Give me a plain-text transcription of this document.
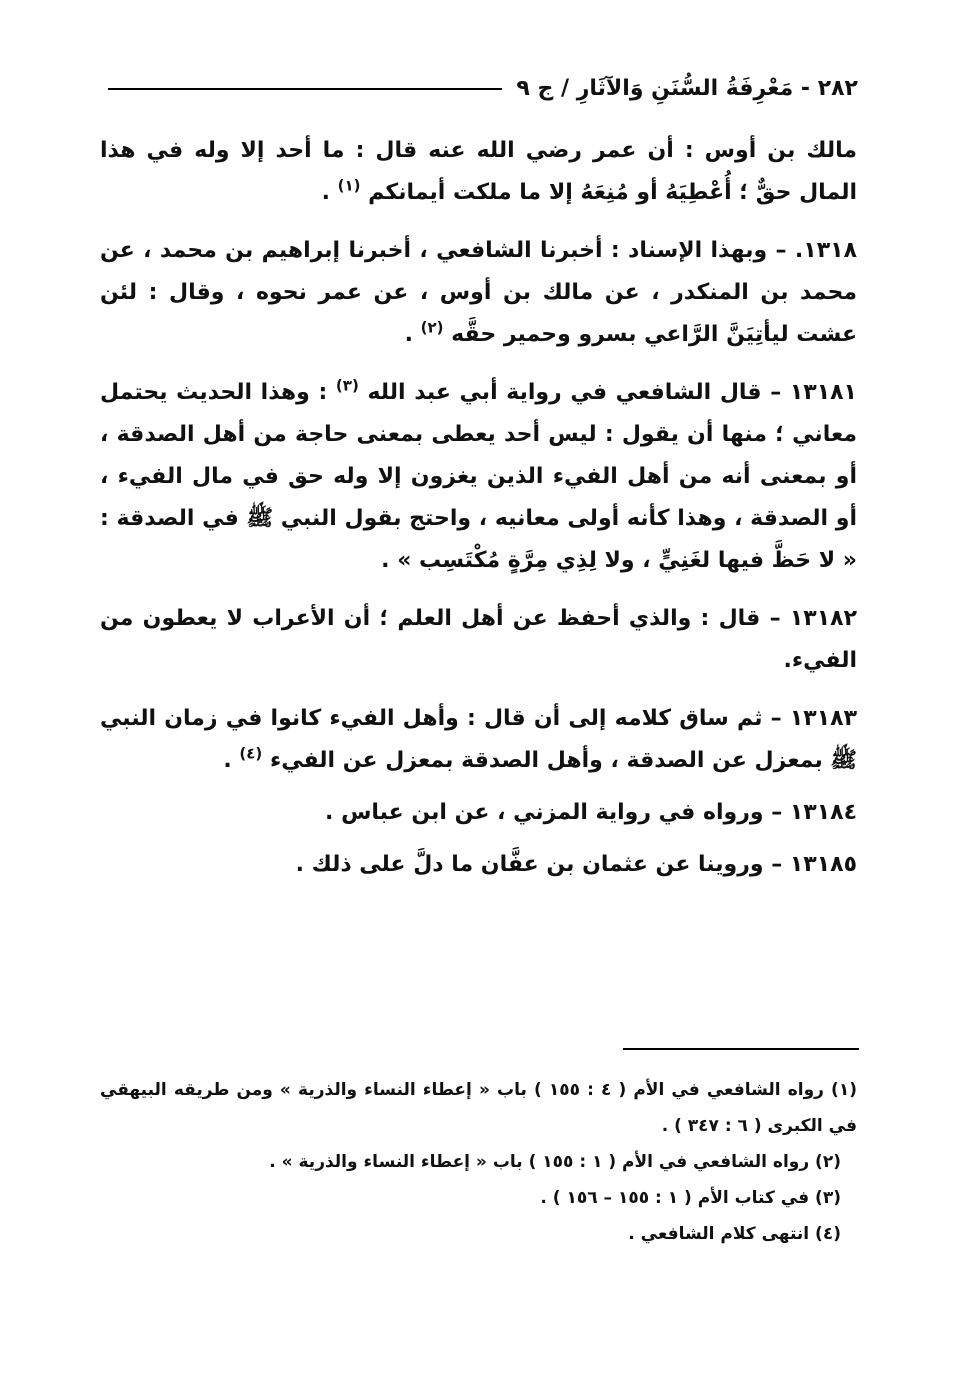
٢٨٢ - مَعْرِفَةُ السُّنَنِ وَالآثَارِ / ج ٩

مالك بن أوس : أن عمر رضي الله عنه قال : ما أحد إلا وله في هذا المال حقٌّ ؛ أُعْطِيَهُ أو مُنِعَهُ إلا ما ملكت أيمانكم $^{(١)}$ .

١٣١٨. – وبهذا الإسناد : أخبرنا الشافعي ، أخبرنا إبراهيم بن محمد ، عن محمد بن المنكدر ، عن مالك بن أوس ، عن عمر نحوه ، وقال : لئن عشت ليأتِيَنَّ الرَّاعي بسرو وحمير حقَّه $^{(٢)}$ .

١٣١٨١ – قال الشافعي في رواية أبي عبد الله $^{(٣)}$ : وهذا الحديث يحتمل معاني ؛ منها أن يقول : ليس أحد يعطى بمعنى حاجة من أهل الصدقة ، أو بمعنى أنه من أهل الفيء الذين يغزون إلا وله حق في مال الفيء ، أو الصدقة ، وهذا كأنه أولى معانيه ، واحتج بقول النبي ﷺ في الصدقة : « لا حَظَّ فيها لغَنِيٍّ ، ولا لِذِي مِرَّةٍ مُكْتَسِب » .

١٣١٨٢ – قال : والذي أحفظ عن أهل العلم ؛ أن الأعراب لا يعطون من الفيء.

١٣١٨٣ – ثم ساق كلامه إلى أن قال : وأهل الفيء كانوا في زمان النبي ﷺ بمعزل عن الصدقة ، وأهل الصدقة بمعزل عن الفيء $^{(٤)}$ .

١٣١٨٤ – ورواه في رواية المزني ، عن ابن عباس .

١٣١٨٥ – وروينا عن عثمان بن عفَّان ما دلَّ على ذلك .

(١) رواه الشافعي في الأم ( ٤ : ١٥٥ ) باب « إعطاء النساء والذرية » ومن طريقه البيهقي في الكبرى ( ٦ : ٣٤٧ ) .

(٢) رواه الشافعي في الأم ( ١ : ١٥٥ ) باب « إعطاء النساء والذرية » .

(٣) في كتاب الأم ( ١ : ١٥٥ – ١٥٦ ) .

(٤) انتهى كلام الشافعي .
